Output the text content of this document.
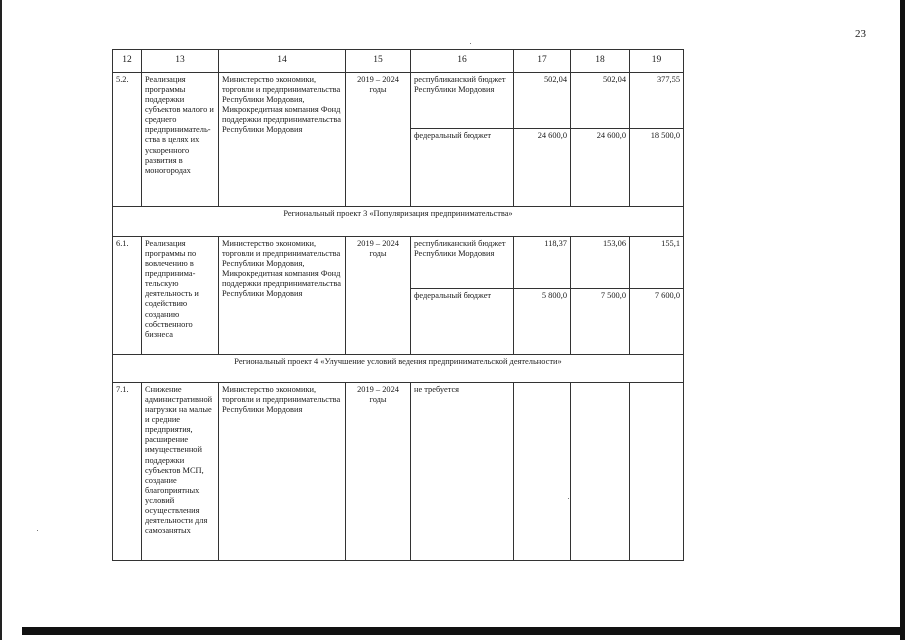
23
12	13	14	15	16	17	18	19
5.2.	Реализация программы поддержки субъектов малого и среднего предпринимательства в целях их ускоренного развития в моногородах	Министерство экономики, торговли и предпринимательства Республики Мордовия, Микрокредитная компания Фонд поддержки предпринимательства Республики Мордовия	2019 – 2024 годы	республиканский бюджет Республики Мордовия	502,04	502,04	377,55
				федеральный бюджет	24 600,0	24 600,0	18 500,0
Региональный проект 3 «Популяризация предпринимательства»							
6.1.	Реализация программы по вовлечению в предпринимательскую деятельность и содействию созданию собственного бизнеса	Министерство экономики, торговли и предпринимательства Республики Мордовия, Микрокредитная компания Фонд поддержки предпринимательства Республики Мордовия	2019 – 2024 годы	республиканский бюджет Республики Мордовия	118,37	153,06	155,1
				федеральный бюджет	5 800,0	7 500,0	7 600,0
Региональный проект 4 «Улучшение условий ведения предпринимательской деятельности»							
7.1.	Снижение административной нагрузки на малые и средние предприятия, расширение имущественной поддержки субъектов МСП, создание благоприятных условий осуществления деятельности для самозанятых	Министерство экономики, торговли и предпринимательства Республики Мордовия	2019 – 2024 годы	не требуется			
